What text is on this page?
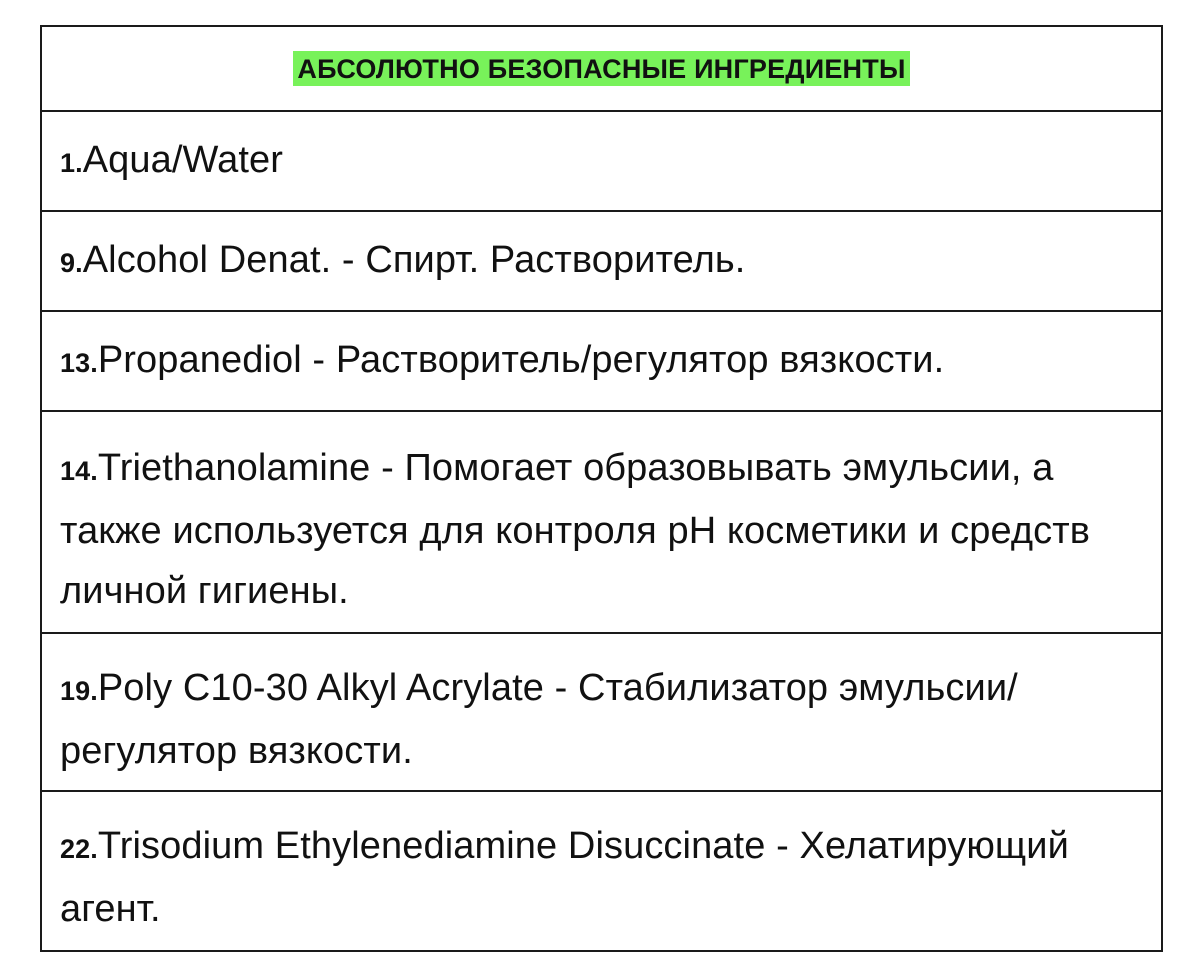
АБСОЛЮТНО БЕЗОПАСНЫЕ ИНГРЕДИЕНТЫ
1.Aqua/Water
9.Alcohol Denat. - Спирт. Растворитель.
13.Propanediol - Растворитель/регулятор вязкости.
14.Triethanolamine - Помогает образовывать эмульсии, а также используется для контроля pH косметики и средств личной гигиены.
19.Poly C10-30 Alkyl Acrylate - Стабилизатор эмульсии/регулятор вязкости.
22.Trisodium Ethylenediamine Disuccinate - Хелатирующий агент.
